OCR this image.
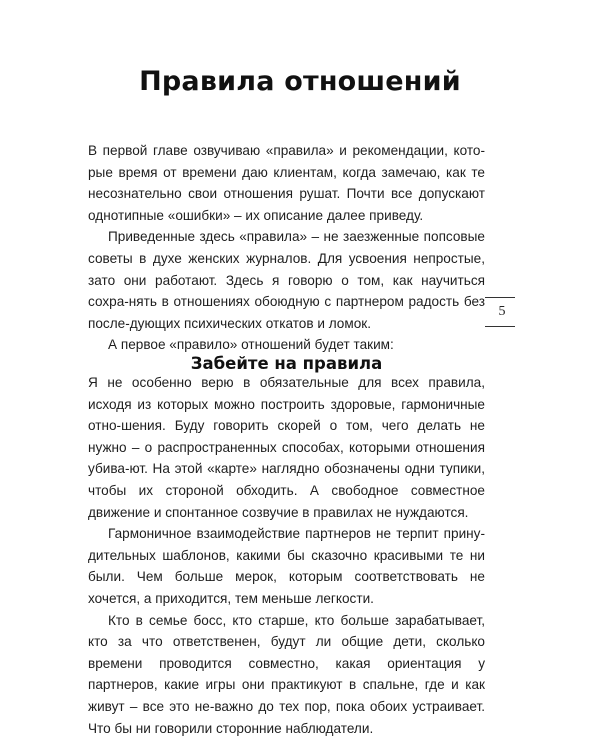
Правила отношений

В первой главе озвучиваю «правила» и рекомендации, кото-рые время от времени даю клиентам, когда замечаю, как те несознательно свои отношения рушат. Почти все допускают однотипные «ошибки» – их описание далее приведу.

Приведенные здесь «правила» – не заезженные попсовые советы в духе женских журналов. Для усвоения непростые, зато они работают. Здесь я говорю о том, как научиться сохра-нять в отношениях обоюдную с партнером радость без после-дующих психических откатов и ломок.

А первое «правило» отношений будет таким:

Забейте на правила

Я не особенно верю в обязательные для всех правила, исходя из которых можно построить здоровые, гармоничные отно-шения. Буду говорить скорей о том, чего делать не нужно – о распространенных способах, которыми отношения убива-ют. На этой «карте» наглядно обозначены одни тупики, чтобы их стороной обходить. А свободное совместное движение и спонтанное созвучие в правилах не нуждаются.

Гармоничное взаимодействие партнеров не терпит прину-дительных шаблонов, какими бы сказочно красивыми те ни были. Чем больше мерок, которым соответствовать не хочется, а приходится, тем меньше легкости.

Кто в семье босс, кто старше, кто больше зарабатывает, кто за что ответственен, будут ли общие дети, сколько времени проводится совместно, какая ориентация у партнеров, какие игры они практикуют в спальне, где и как живут – все это не-важно до тех пор, пока обоих устраивает. Что бы ни говорили сторонние наблюдатели.

5
